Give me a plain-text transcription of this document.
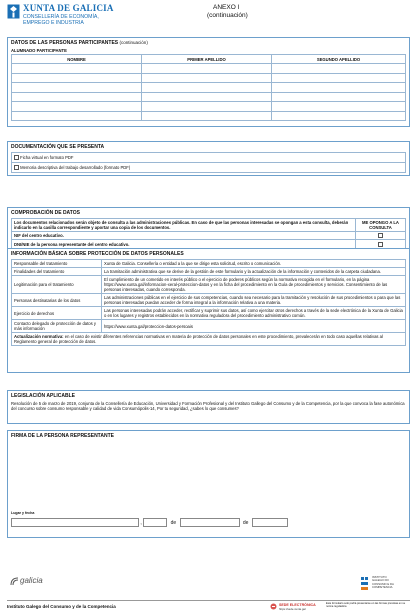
XUNTA DE GALICIA
CONSELLERÍA DE ECONOMÍA,
EMPREGO E INDUSTRIA
ANEXO I
(continuación)
DATOS DE LAS PERSONAS PARTICIPANTES (continuación)
ALUMNADO PARTICIPANTE
NOMBRE	PRIMER APELLIDO	SEGUNDO APELLIDO

DOCUMENTACIÓN QUE SE PRESENTA
Ficha virtual en formato PDF
Memoria descriptiva del trabajo desarrollado (formato PDF)
COMPROBACIÓN DE DATOS
Los documentos relacionados serán objeto de consulta a las administraciones públicas. En caso de que las personas interesadas se opongan a esta consulta, deberán indicarlo en la casilla correspondiente y aportar una copia de los documentos.	ME OPONGO A LA CONSULTA
NIF del centro educativo.	
DNI/NIE de la persona representante del centro educativo.	
INFORMACIÓN BÁSICA SOBRE PROTECCIÓN DE DATOS PERSONALES
Responsable del tratamiento	Xunta de Galicia. Consellería o entidad a la que se dirige esta solicitud, escrito o comunicación.
Finalidades del tratamiento	La tramitación administrativa que se derive de la gestión de este formulario y la actualización de la información y contenidos de la carpeta ciudadana.
Legitimación para el tratamiento	El cumplimiento de un cometido en interés público o el ejercicio de poderes públicos según la normativa recogida en el formulario, en la página https://www.xunta.gal/informacion-xeral-proteccion-datos y en la ficha del procedimiento en la Guía de procedimientos y servicios. Consentimiento de las personas interesadas, cuando corresponda.
Personas destinatarias de los datos	Las administraciones públicas en el ejercicio de sus competencias, cuando sea necesario para la tramitación y resolución de sus procedimientos o para que las personas interesadas puedan acceder de forma integral a la información relativa a una materia.
Ejercicio de derechos	Las personas interesadas podrán acceder, rectificar y suprimir sus datos, así como ejercitar otros derechos a través de la sede electrónica de la Xunta de Galicia o en los lugares y registros establecidos en la normativa reguladora del procedimiento administrativo común.
Contacto delegado de protección de datos y más información	https://www.xunta.gal/proteccion-datos-persoais
Actualización normativa: en el caso de existir diferentes referencias normativas en materia de protección de datos personales en este procedimiento, prevalecerán en todo caso aquellas relativas al Reglamento general de protección de datos.	
LEGISLACIÓN APLICABLE
Resolución de 5 de marzo de 2019, conjunta de la Consellería de Educación, Universidad y Formación Profesional y del Instituto Gallego del Consumo y de la Competencia, por la que convoca la fase autonómica del concurso sobre consumo responsable y calidad de vida Consumópolis-14, Por tu seguridad, ¿sabes lo que consumes?
FIRMA DE LA PERSONA REPRESENTANTE
Lugar y fecha
,	de	de
galicia	INSTITUTO
GALEGO DO
CONSUMO E DA
COMPETENCIA
Instituto Galego del Consumo y de la Competencia	SEDE ELECTRÓNICA	Este formulario solo podrá presentarse en las formas previstas en su norma reguladora
https://sede.xunta.gal
